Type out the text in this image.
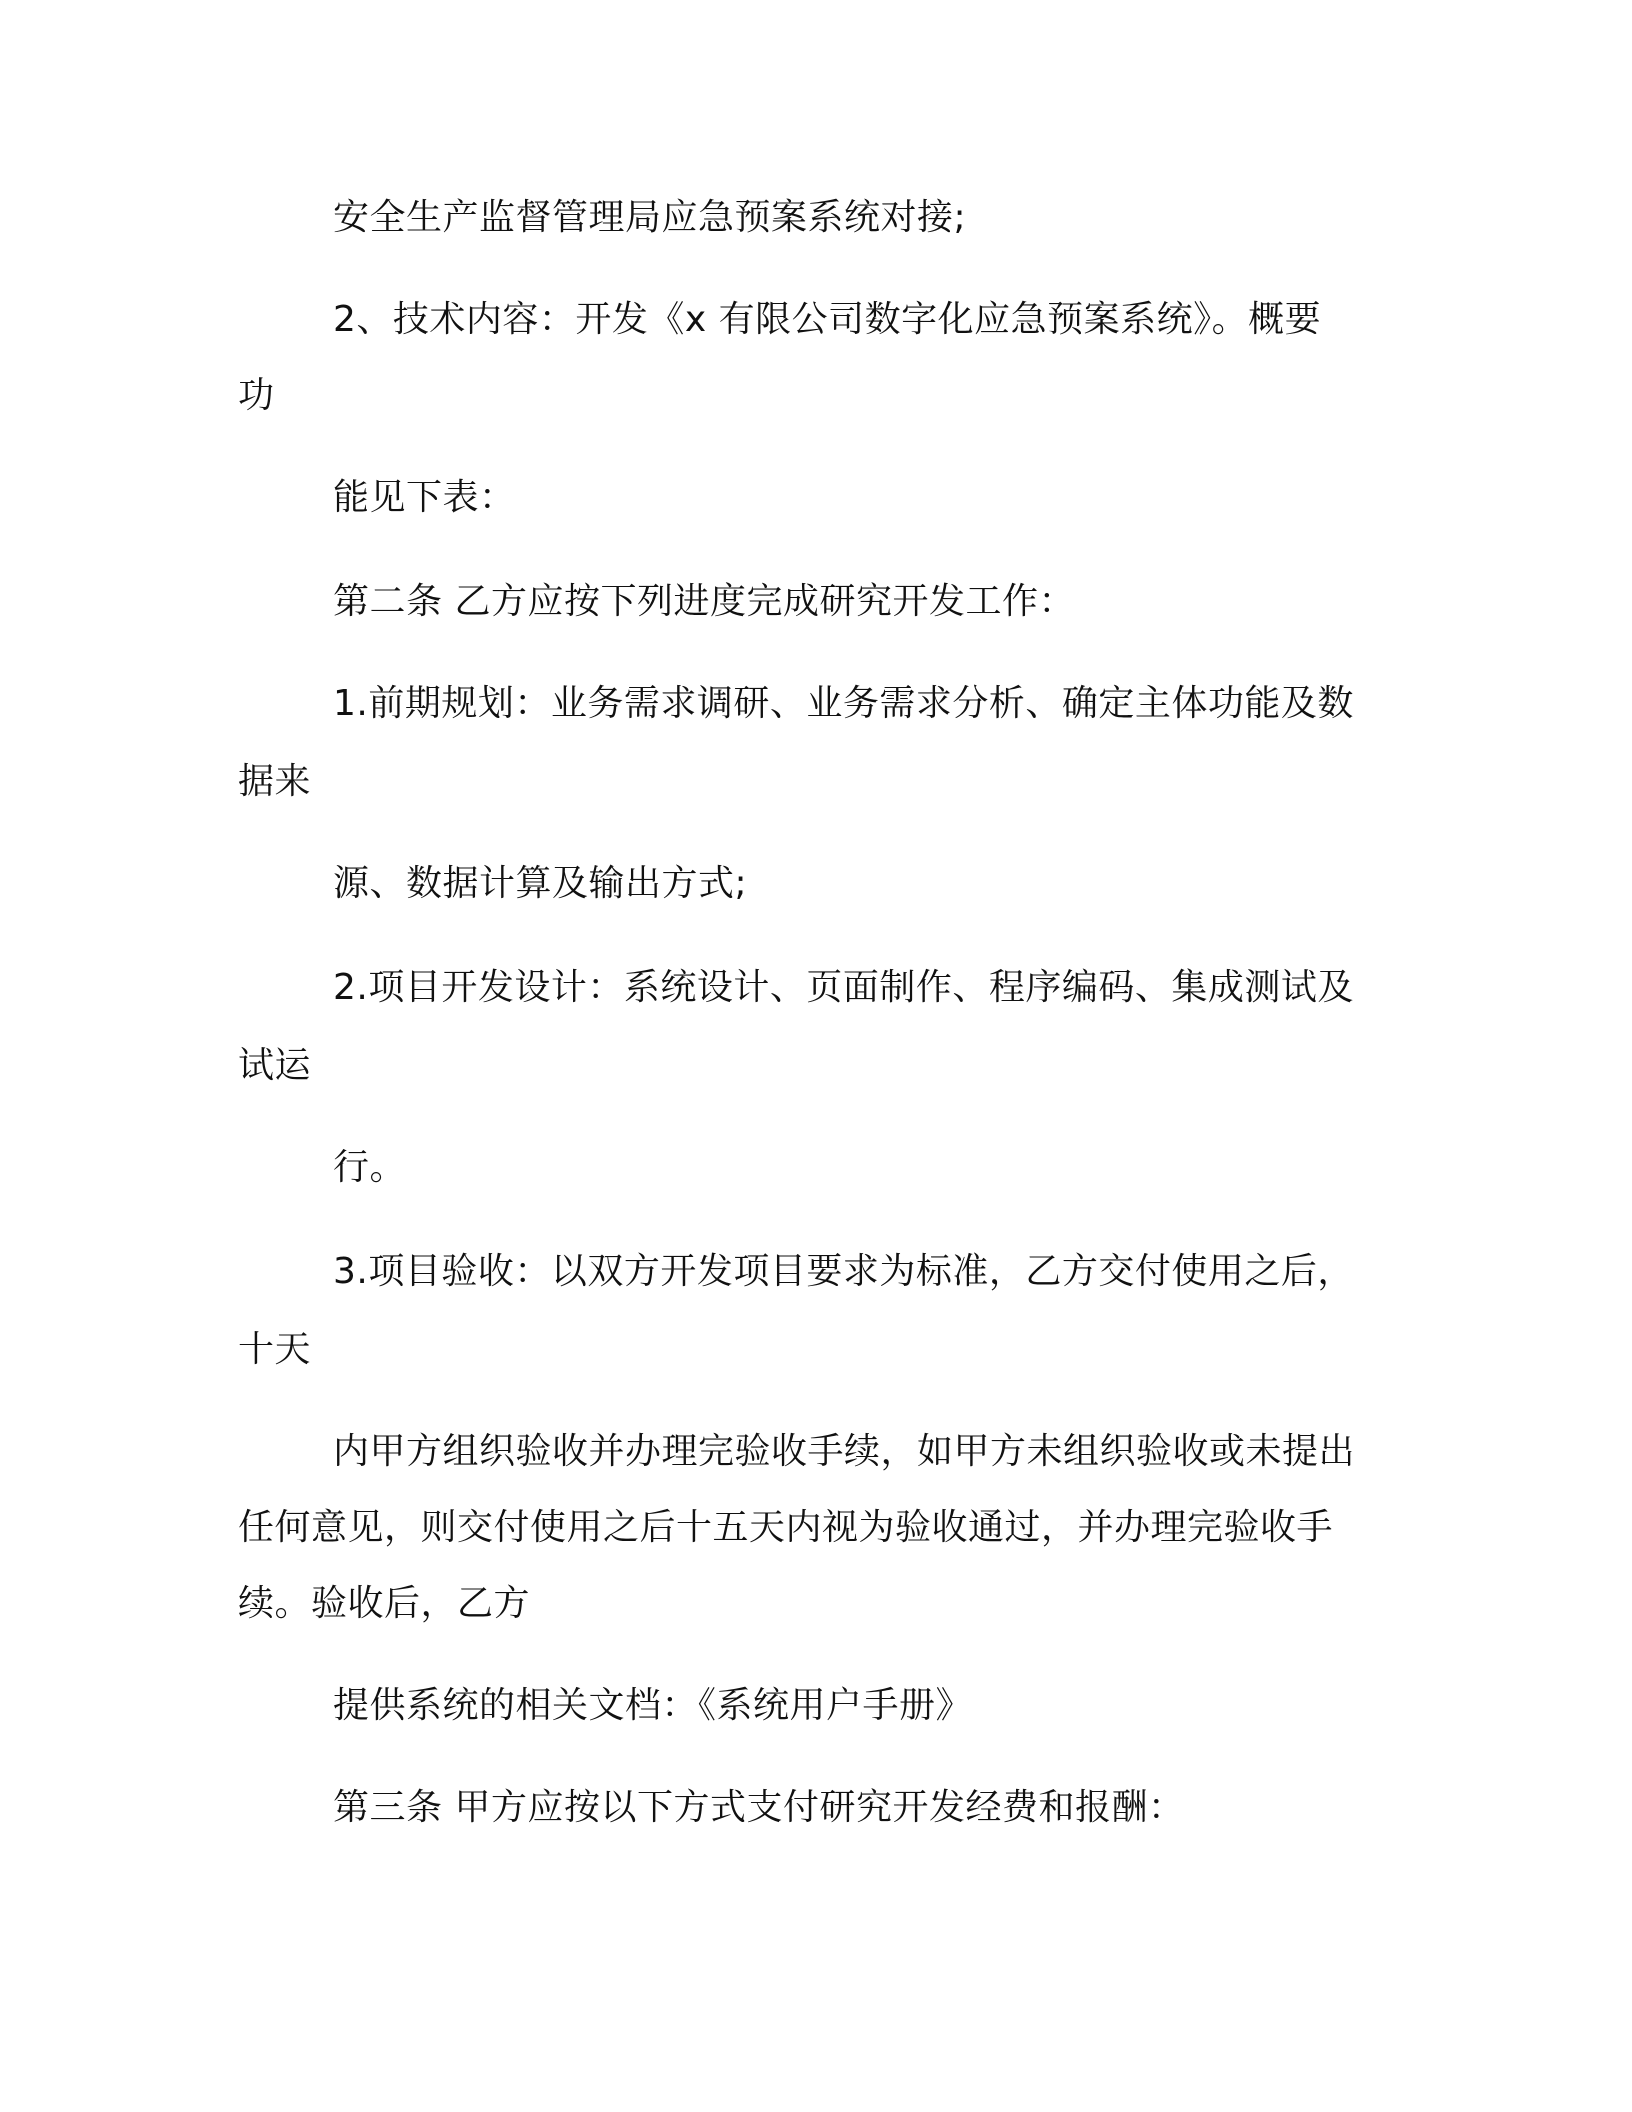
安全生产监督管理局应急预案系统对接;

2、技术内容：开发《x 有限公司数字化应急预案系统》。概要

功

能见下表：

第二条 乙方应按下列进度完成研究开发工作：

1.前期规划：业务需求调研、业务需求分析、确定主体功能及数

据来

源、数据计算及输出方式;

2.项目开发设计：系统设计、页面制作、程序编码、集成测试及

试运

行。

3.项目验收：以双方开发项目要求为标准，乙方交付使用之后，

十天

内甲方组织验收并办理完验收手续，如甲方未组织验收或未提出

任何意见，则交付使用之后十五天内视为验收通过，并办理完验收手

续。验收后，乙方

提供系统的相关文档：《系统用户手册》

第三条 甲方应按以下方式支付研究开发经费和报酬：
